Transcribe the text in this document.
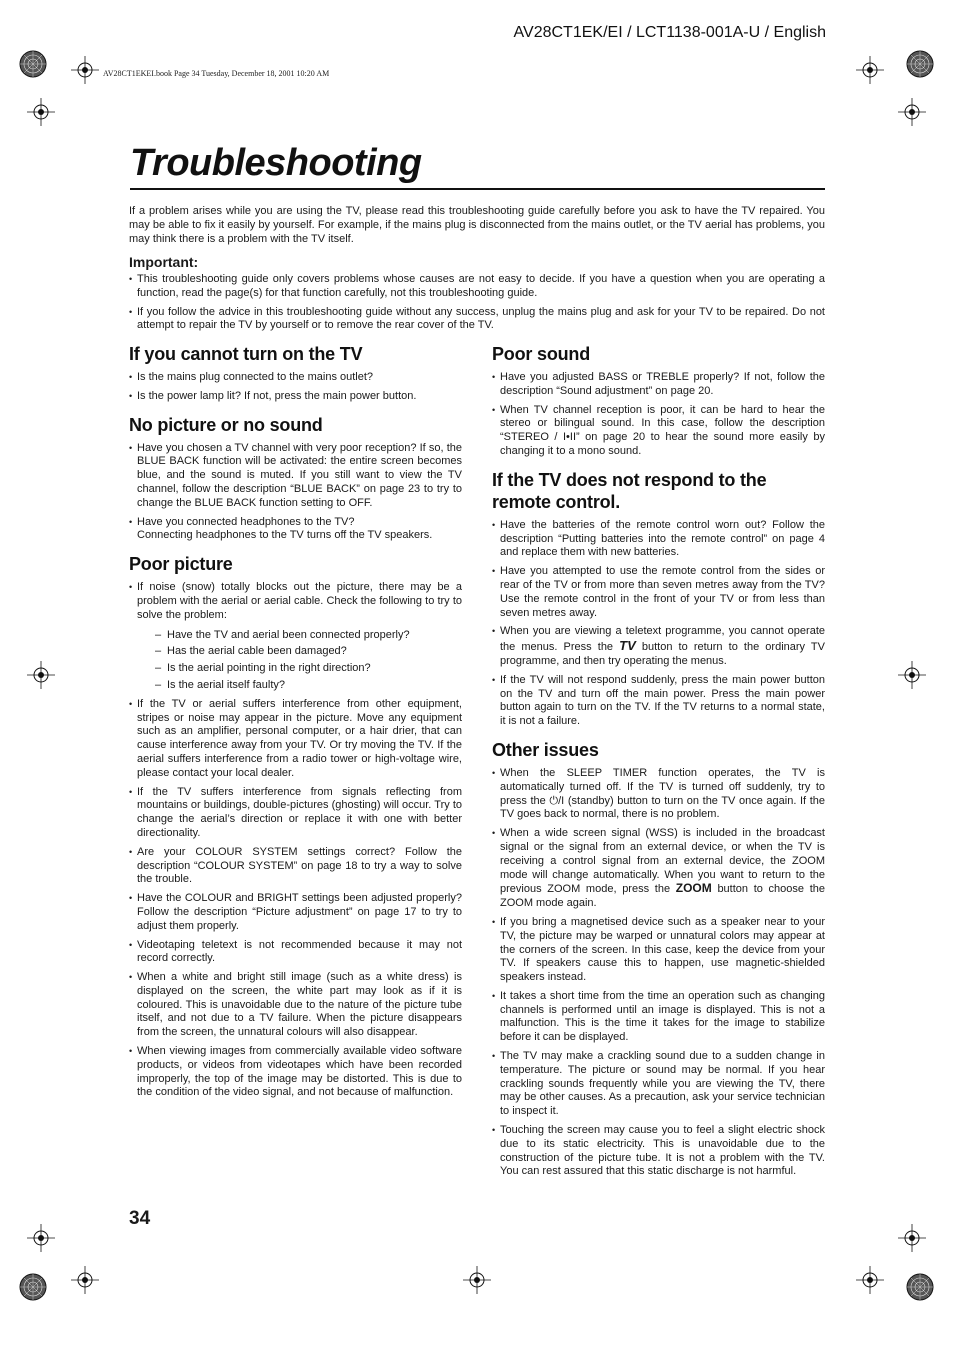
AV28CT1EK/EI / LCT1138-001A-U / English
AV28CT1EKEI.book Page 34 Tuesday, December 18, 2001 10:20 AM
Troubleshooting

If a problem arises while you are using the TV, please read this troubleshooting guide carefully before you ask to have the TV repaired. You may be able to fix it easily by yourself. For example, if the mains plug is disconnected from the mains outlet, or the TV aerial has problems, you may think there is a problem with the TV itself.

Important:
• This troubleshooting guide only covers problems whose causes are not easy to decide. If you have a question when you are operating a function, read the page(s) for that function carefully, not this troubleshooting guide.
• If you follow the advice in this troubleshooting guide without any success, unplug the mains plug and ask for your TV to be repaired. Do not attempt to repair the TV by yourself or to remove the rear cover of the TV.
If you cannot turn on the TV
• Is the mains plug connected to the mains outlet?
• Is the power lamp lit? If not, press the main power button.
No picture or no sound
• Have you chosen a TV channel with very poor reception? If so, the BLUE BACK function will be activated: the entire screen becomes blue, and the sound is muted. If you still want to view the TV channel, follow the description “BLUE BACK” on page 23 to try to change the BLUE BACK function setting to OFF.
• Have you connected headphones to the TV?
Connecting headphones to the TV turns off the TV speakers.
Poor picture
• If noise (snow) totally blocks out the picture, there may be a problem with the aerial or aerial cable. Check the following to try to solve the problem:
– Have the TV and aerial been connected properly?
– Has the aerial cable been damaged?
– Is the aerial pointing in the right direction?
– Is the aerial itself faulty?
• If the TV or aerial suffers interference from other equipment, stripes or noise may appear in the picture. Move any equipment such as an amplifier, personal computer, or a hair drier, that can cause interference away from your TV. Or try moving the TV. If the aerial suffers interference from a radio tower or high-voltage wire, please contact your local dealer.
• If the TV suffers interference from signals reflecting from mountains or buildings, double-pictures (ghosting) will occur. Try to change the aerial’s direction or replace it with one with better directionality.
• Are your COLOUR SYSTEM settings correct? Follow the description “COLOUR SYSTEM” on page 18 to try a way to solve the trouble.
• Have the COLOUR and BRIGHT settings been adjusted properly? Follow the description “Picture adjustment” on page 17 to try to adjust them properly.
• Videotaping teletext is not recommended because it may not record correctly.
• When a white and bright still image (such as a white dress) is displayed on the screen, the white part may look as if it is coloured. This is unavoidable due to the nature of the picture tube itself, and not due to a TV failure. When the picture disappears from the screen, the unnatural colours will also disappear.
• When viewing images from commercially available video software products, or videos from videotapes which have been recorded improperly, the top of the image may be distorted. This is due to the condition of the video signal, and not because of malfunction.
Poor sound
• Have you adjusted BASS or TREBLE properly? If not, follow the description “Sound adjustment” on page 20.
• When TV channel reception is poor, it can be hard to hear the stereo or bilingual sound. In this case, follow the description “STEREO / I•II” on page 20 to hear the sound more easily by changing it to a mono sound.
If the TV does not respond to the remote control.
• Have the batteries of the remote control worn out? Follow the description “Putting batteries into the remote control” on page 4 and replace them with new batteries.
• Have you attempted to use the remote control from the sides or rear of the TV or from more than seven metres away from the TV? Use the remote control in the front of your TV or from less than seven metres away.
• When you are viewing a teletext programme, you cannot operate the menus. Press the TV button to return to the ordinary TV programme, and then try operating the menus.
• If the TV will not respond suddenly, press the main power button on the TV and turn off the main power. Press the main power button again to turn on the TV. If the TV returns to a normal state, it is not a failure.
Other issues
• When the SLEEP TIMER function operates, the TV is automatically turned off. If the TV is turned off suddenly, try to press the ⏻/I (standby) button to turn on the TV once again. If the TV goes back to normal, there is no problem.
• When a wide screen signal (WSS) is included in the broadcast signal or the signal from an external device, or when the TV is receiving a control signal from an external device, the ZOOM mode will change automatically. When you want to return to the previous ZOOM mode, press the ZOOM button to choose the ZOOM mode again.
• If you bring a magnetised device such as a speaker near to your TV, the picture may be warped or unnatural colors may appear at the corners of the screen. In this case, keep the device from your TV. If speakers cause this to happen, use magnetic-shielded speakers instead.
• It takes a short time from the time an operation such as changing channels is performed until an image is displayed. This is not a malfunction. This is the time it takes for the image to stabilize before it can be displayed.
• The TV may make a crackling sound due to a sudden change in temperature. The picture or sound may be normal. If you hear crackling sounds frequently while you are viewing the TV, there may be other causes. As a precaution, ask your service technician to inspect it.
• Touching the screen may cause you to feel a slight electric shock due to its static electricity. This is unavoidable due to the construction of the picture tube. It is not a problem with the TV. You can rest assured that this static discharge is not harmful.
34
